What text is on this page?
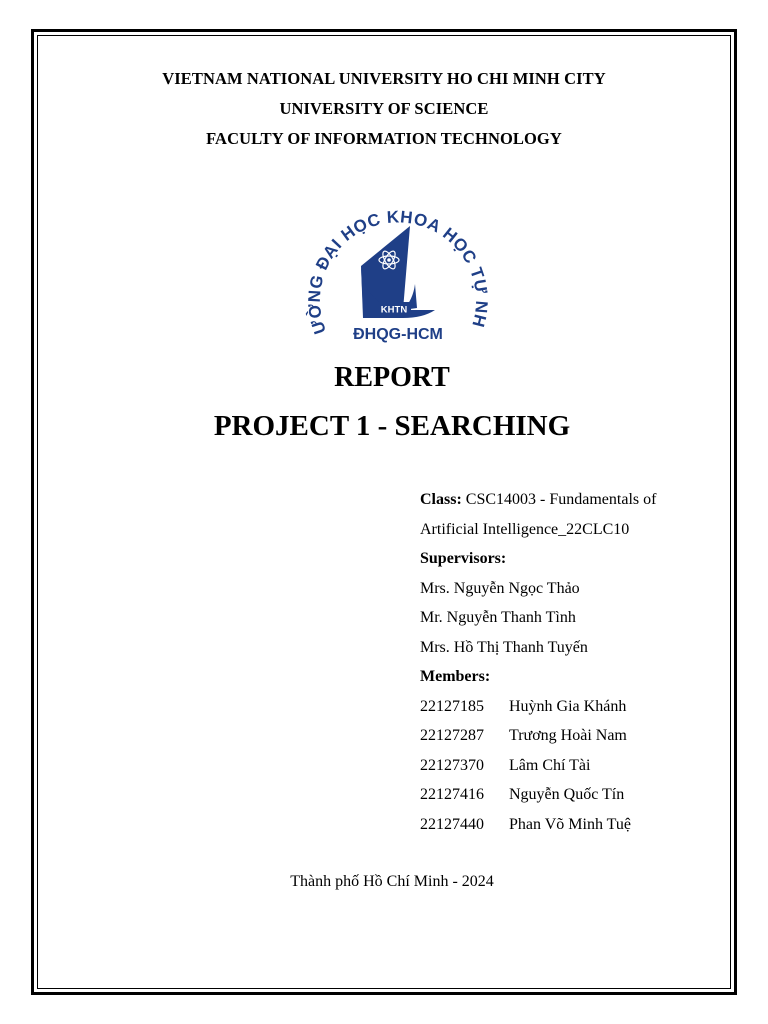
VIETNAM NATIONAL UNIVERSITY HO CHI MINH CITY
UNIVERSITY OF SCIENCE
FACULTY OF INFORMATION TECHNOLOGY
ƯỜNG ĐẠI HỌC KHOA HỌC TỰ NH
KHTN
ĐHQG-HCM
REPORT
PROJECT 1 - SEARCHING
Class: CSC14003 - Fundamentals of
Artificial Intelligence_22CLC10
Supervisors:
Mrs. Nguyễn Ngọc Thảo
Mr. Nguyễn Thanh Tình
Mrs. Hồ Thị Thanh Tuyến
Members:
22127185 Huỳnh Gia Khánh
22127287 Trương Hoài Nam
22127370 Lâm Chí Tài
22127416 Nguyễn Quốc Tín
22127440 Phan Võ Minh Tuệ
Thành phố Hồ Chí Minh - 2024
